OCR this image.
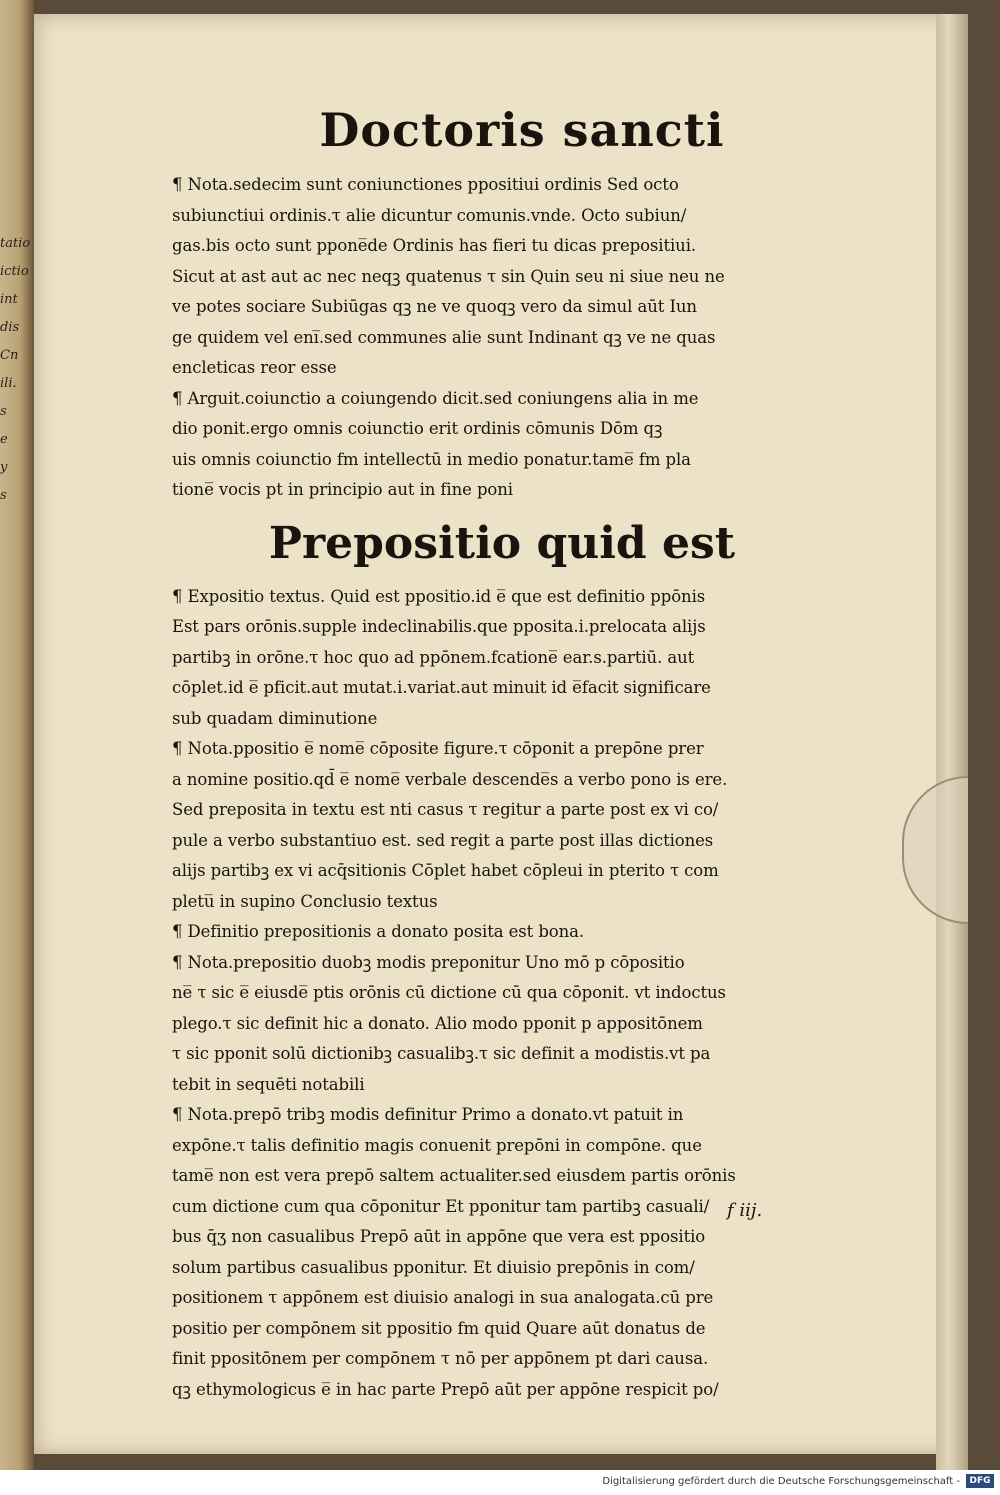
tatio
ictio
int
dis
Cn
ili.
s
e
y
s
Doctoris sancti
¶ Nota.sedecim sunt coniunctiones ppositiui ordinis Sed octo
subiunctiui ordinis.τ alie dicuntur comunis.vnde. Octo subiun/
gas.bis octo sunt ppone̅de Ordinis has fieri tu dicas prepositiui.
Sicut at ast aut ac nec neqꝫ quatenus τ sin Quin seu ni siue neu ne
ve potes sociare Subiūgas qꝫ ne ve quoqꝫ vero da simul aūt Iun
ge quidem vel eni̅.sed communes alie sunt Indinant qꝫ ve ne quas
encleticas reor esse
¶ Arguit.coiunctio a coiungendo dicit.sed coniungens alia in me
dio ponit.ergo omnis coiunctio erit ordinis cōmunis Dōm qꝫ
uis omnis coiunctio fm intellectū in medio ponatur.tame̅ fm pla
tione̅ vocis pt in principio aut in fine poni
Prepositio quid est
¶ Expositio textus. Quid est ppositio.id e̅ que est definitio ppōnis
Est pars orōnis.supple indeclinabilis.que pposita.i.prelocata alijs
partibꝫ in orōne.τ hoc quo ad ppōnem.fcatione̅ ear.s.partiū. aut
cōplet.id e̅ pficit.aut mutat.i.variat.aut minuit id e̅facit significare
sub quadam diminutione
¶ Nota.ppositio e̅ nome̅ cōposite figure.τ cōponit a prepōne prer
a nomine positio.qd̄ e̅ nome̅ verbale descende̅s a verbo pono is ere.
Sed preposita in textu est nti casus τ regitur a parte post ex vi co/
pule a verbo substantiuo est. sed regit a parte post illas dictiones
alijs partibꝫ ex vi acq̄sitionis Cōplet habet cōpleui in pterito τ com
pletu̅ in supino Conclusio textus
¶ Definitio prepositionis a donato posita est bona.
¶ Nota.prepositio duobꝫ modis preponitur Uno mō p cōpositio
ne̅ τ sic e̅ eiusde̅ ptis orōnis cū dictione cū qua cōponit. vt indoctus
plego.τ sic definit hic a donato. Alio modo pponit p appositōnem
τ sic pponit solū dictionibꝫ casualibꝫ.τ sic definit a modistis.vt pa
tebit in sequēti notabili
¶ Nota.prepō tribꝫ modis definitur Primo a donato.vt patuit in
expōne.τ talis definitio magis conuenit prepōni in compōne. que
tame̅ non est vera prepō saltem actualiter.sed eiusdem partis orōnis
cum dictione cum qua cōponitur Et pponitur tam partibꝫ casuali/
bus q̄ʒ non casualibus Prepō aūt in appōne que vera est ppositio
solum partibus casualibus pponitur. Et diuisio prepōnis in com/
positionem τ appōnem est diuisio analogi in sua analogata.cū pre
positio per compōnem sit ppositio fm quid Quare aūt donatus de
finit ppositōnem per compōnem τ nō per appōnem pt dari causa.
qꝫ ethymologicus e̅ in hac parte Prepō aūt per appōne respicit po/
f iij.
Digitalisierung gefördert durch die Deutsche Forschungsgemeinschaft -	DFG
